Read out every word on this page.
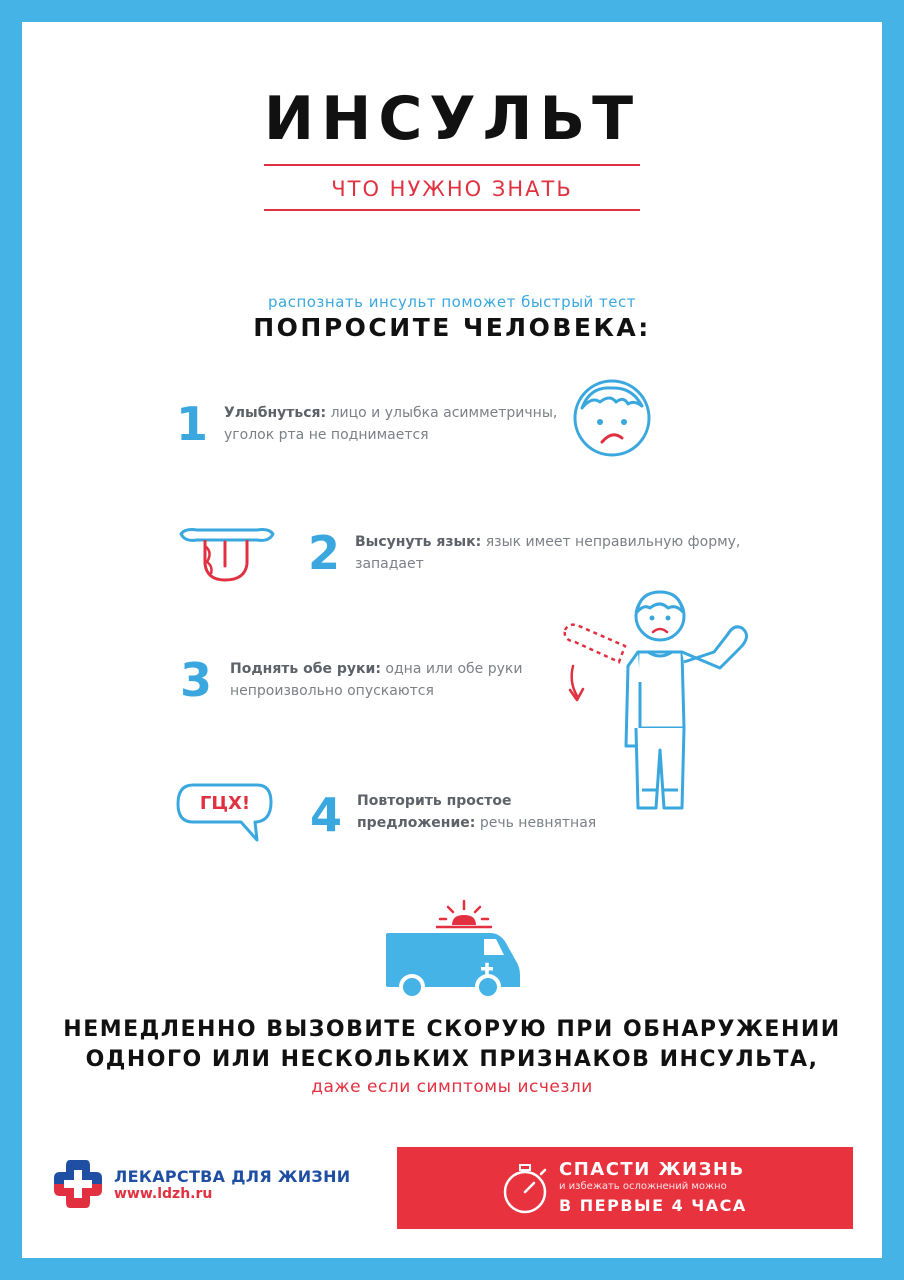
ИНСУЛЬТ
ЧТО НУЖНО ЗНАТЬ
распознать инсульт поможет быстрый тест
ПОПРОСИТЕ ЧЕЛОВЕКА:
1	Улыбнуться: лицо и улыбка асимметричны,
уголок рта не поднимается
2	Высунуть язык: язык имеет неправильную форму,
западает
3	Поднять обе руки: одна или обе руки
непроизвольно опускаются
ГЦХ!	4	Повторить простое
предложение: речь невнятная
НЕМЕДЛЕННО ВЫЗОВИТЕ СКОРУЮ ПРИ ОБНАРУЖЕНИИ
ОДНОГО ИЛИ НЕСКОЛЬКИХ ПРИЗНАКОВ ИНСУЛЬТА,
даже если симптомы исчезли
ЛЕКАРСТВА ДЛЯ ЖИЗНИ
www.ldzh.ru
СПАСТИ ЖИЗНЬ
и избежать осложнений можно
В ПЕРВЫЕ 4 ЧАСА
